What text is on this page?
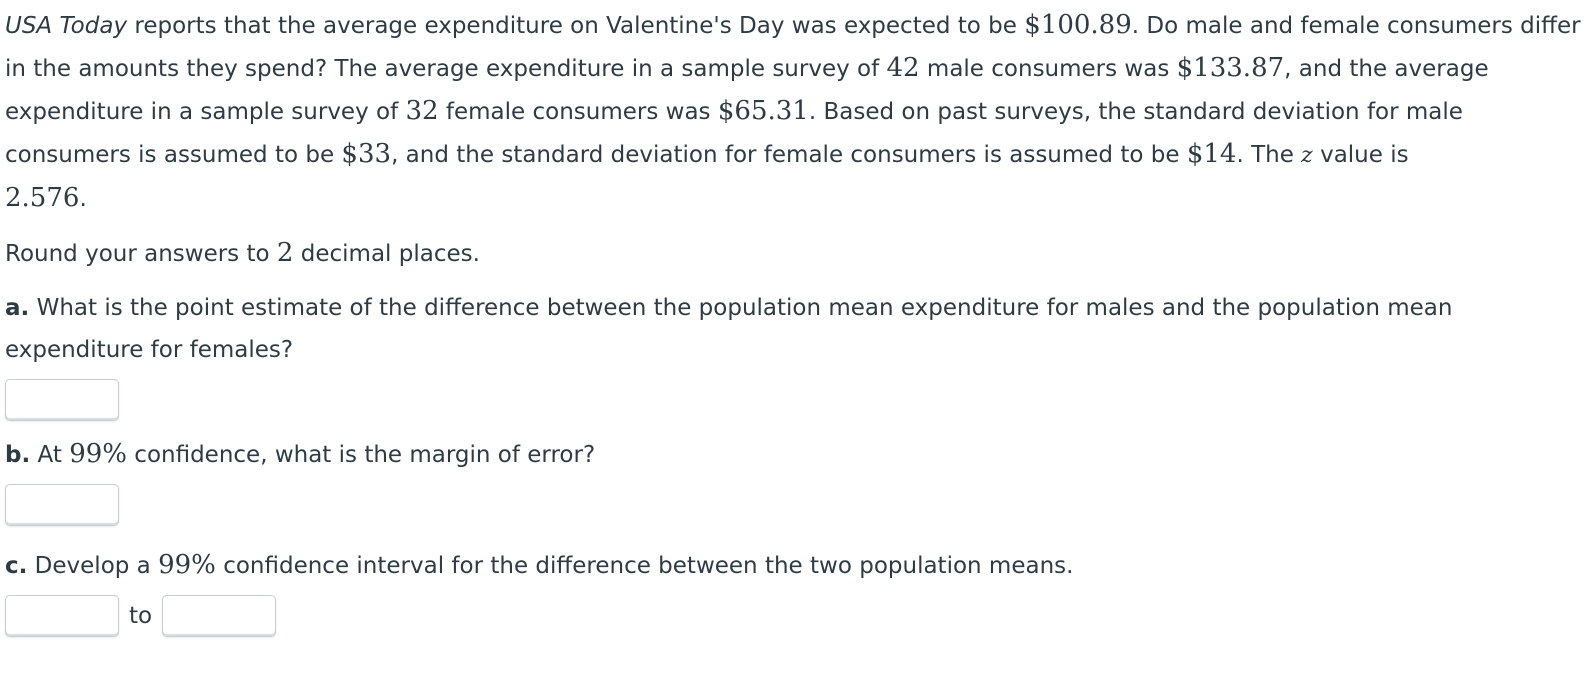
USA Today reports that the average expenditure on Valentine's Day was expected to be $100.89. Do male and female consumers differ in the amounts they spend? The average expenditure in a sample survey of 42 male consumers was $133.87, and the average expenditure in a sample survey of 32 female consumers was $65.31. Based on past surveys, the standard deviation for male consumers is assumed to be $33, and the standard deviation for female consumers is assumed to be $14. The z value is
2.576.

Round your answers to 2 decimal places.

a. What is the point estimate of the difference between the population mean expenditure for males and the population mean expenditure for females?

b. At 99% confidence, what is the margin of error?

c. Develop a 99% confidence interval for the difference between the two population means.

to
